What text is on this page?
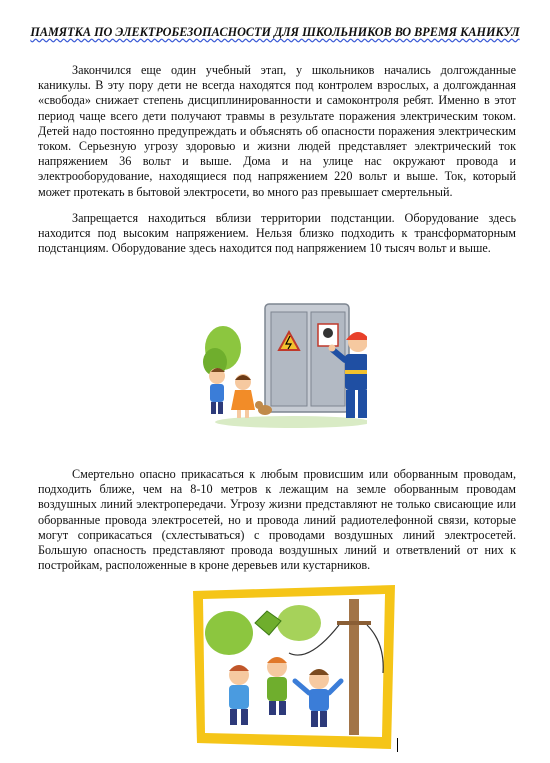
ПАМЯТКА ПО ЭЛЕКТРОБЕЗОПАСНОСТИ ДЛЯ ШКОЛЬНИКОВ ВО ВРЕМЯ КАНИКУЛ

Закончился еще один учебный этап, у школьников начались долгожданные каникулы. В эту пору дети не всегда находятся под контролем взрослых, а долгожданная «свобода» снижает степень дисциплинированности и самоконтроля ребят. Именно в этот период чаще всего дети получают травмы в результате поражения электрическим током. Детей надо постоянно предупреждать и объяснять об опасности поражения электрическим током. Серьезную угрозу здоровью и жизни людей представляет электрический ток напряжением 36 вольт и выше. Дома и на улице нас окружают провода и электрооборудование, находящиеся под напряжением 220 вольт и выше. Ток, который может протекать в бытовой электросети, во много раз превышает смертельный.

Запрещается находиться вблизи территории подстанции. Оборудование здесь находится под высоким напряжением. Нельзя близко подходить к трансформаторным подстанциям. Оборудование здесь находится под напряжением 10 тысяч вольт и выше.

Смертельно опасно прикасаться к любым провисшим или оборванным проводам, подходить ближе, чем на 8-10 метров к лежащим на земле оборванным проводам воздушных линий электропередачи. Угрозу жизни представляют не только свисающие или оборванные провода электросетей, но и провода линий радиотелефонной связи, которые могут соприкасаться (схлестываться) с проводами воздушных линий электросетей. Большую опасность представляют провода воздушных линий и ответвлений от них к постройкам, расположенные в кроне деревьев или кустарников.
